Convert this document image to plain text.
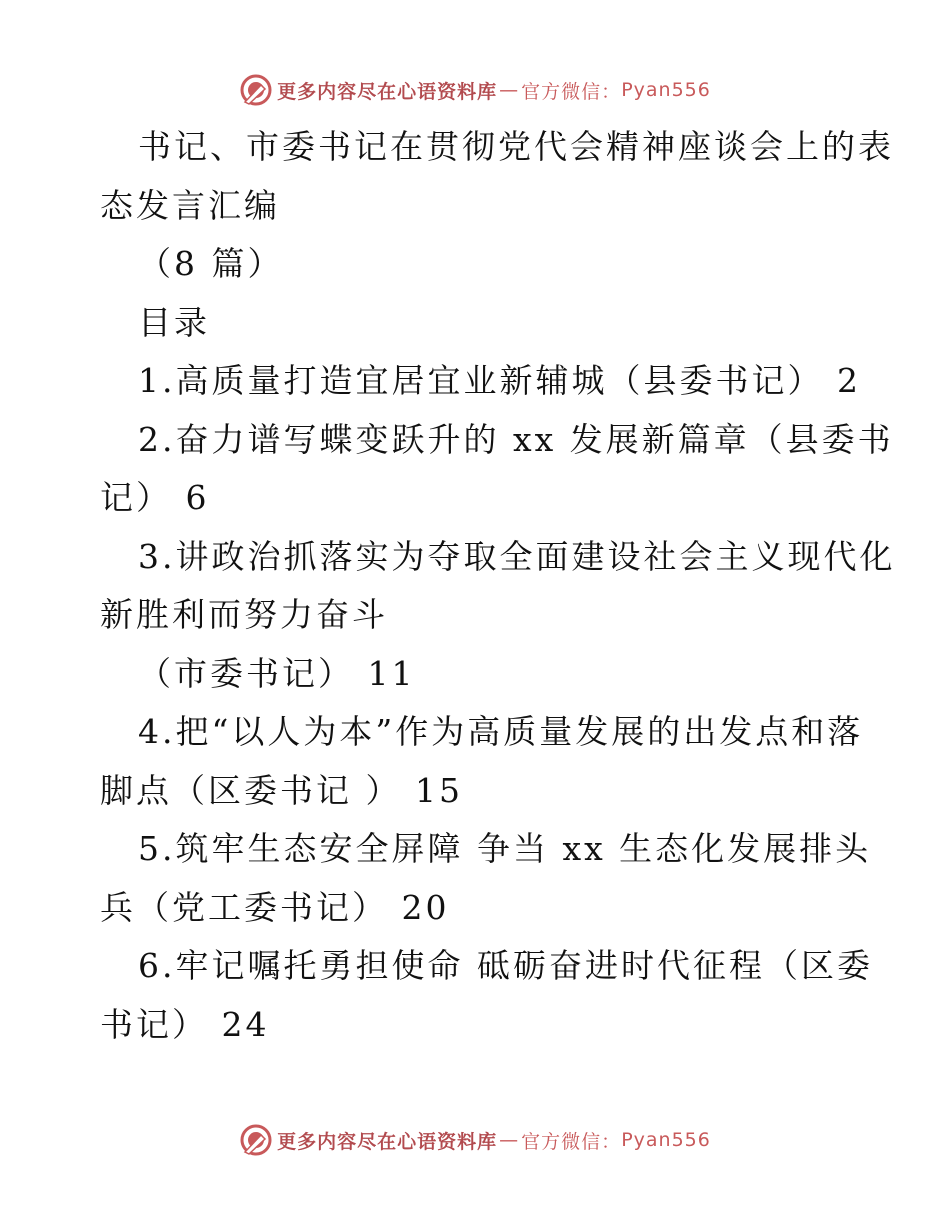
更多内容尽在心语资料库 — 官方微信： Pyan556
书记、市委书记在贯彻党代会精神座谈会上的表
态发言汇编
（8 篇）
目录
1.高质量打造宜居宜业新辅城（县委书记） 2
2.奋力谱写蝶变跃升的 xx 发展新篇章（县委书
记） 6
3.讲政治抓落实为夺取全面建设社会主义现代化
新胜利而努力奋斗
（市委书记） 11
4.把“以人为本”作为高质量发展的出发点和落
脚点（区委书记 ） 15
5.筑牢生态安全屏障 争当 xx 生态化发展排头
兵（党工委书记） 20
6.牢记嘱托勇担使命 砥砺奋进时代征程（区委
书记） 24
更多内容尽在心语资料库 — 官方微信： Pyan556
